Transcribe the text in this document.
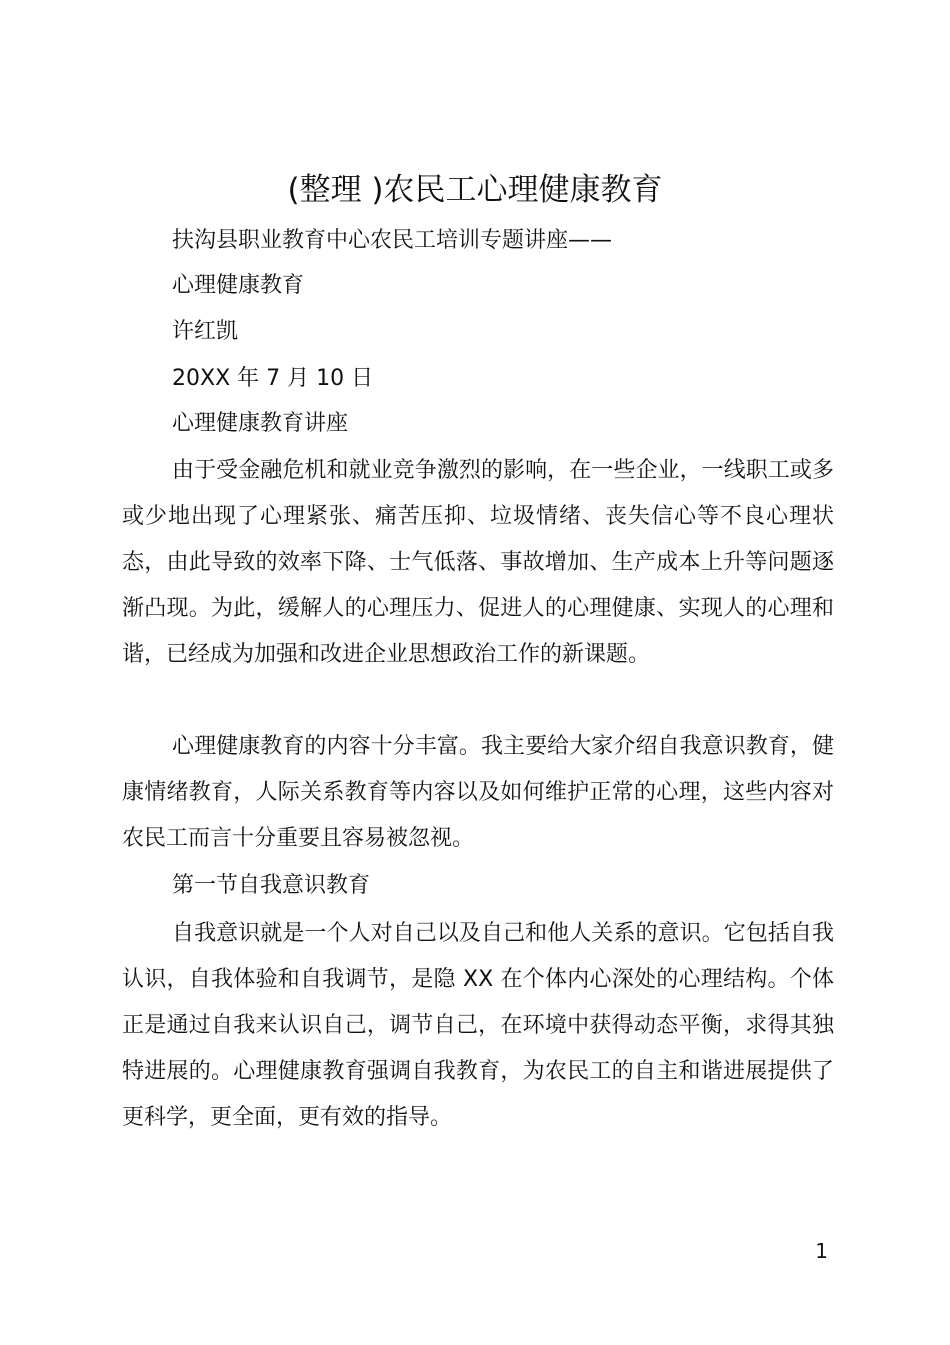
(整理 )农民工心理健康教育
扶沟县职业教育中心农民工培训专题讲座——
心理健康教育
许红凯
20XX 年 7 月 10 日
心理健康教育讲座

由于受金融危机和就业竞争激烈的影响，在一些企业，一线职工或多或少地出现了心理紧张、痛苦压抑、垃圾情绪、丧失信心等不良心理状态，由此导致的效率下降、士气低落、事故增加、生产成本上升等问题逐渐凸现。为此，缓解人的心理压力、促进人的心理健康、实现人的心理和谐，已经成为加强和改进企业思想政治工作的新课题。

心理健康教育的内容十分丰富。我主要给大家介绍自我意识教育，健康情绪教育，人际关系教育等内容以及如何维护正常的心理，这些内容对农民工而言十分重要且容易被忽视。

第一节自我意识教育

自我意识就是一个人对自己以及自己和他人关系的意识。它包括自我认识，自我体验和自我调节，是隐 XX 在个体内心深处的心理结构。个体正是通过自我来认识自己，调节自己，在环境中获得动态平衡，求得其独特进展的。心理健康教育强调自我教育，为农民工的自主和谐进展提供了更科学，更全面，更有效的指导。

1
